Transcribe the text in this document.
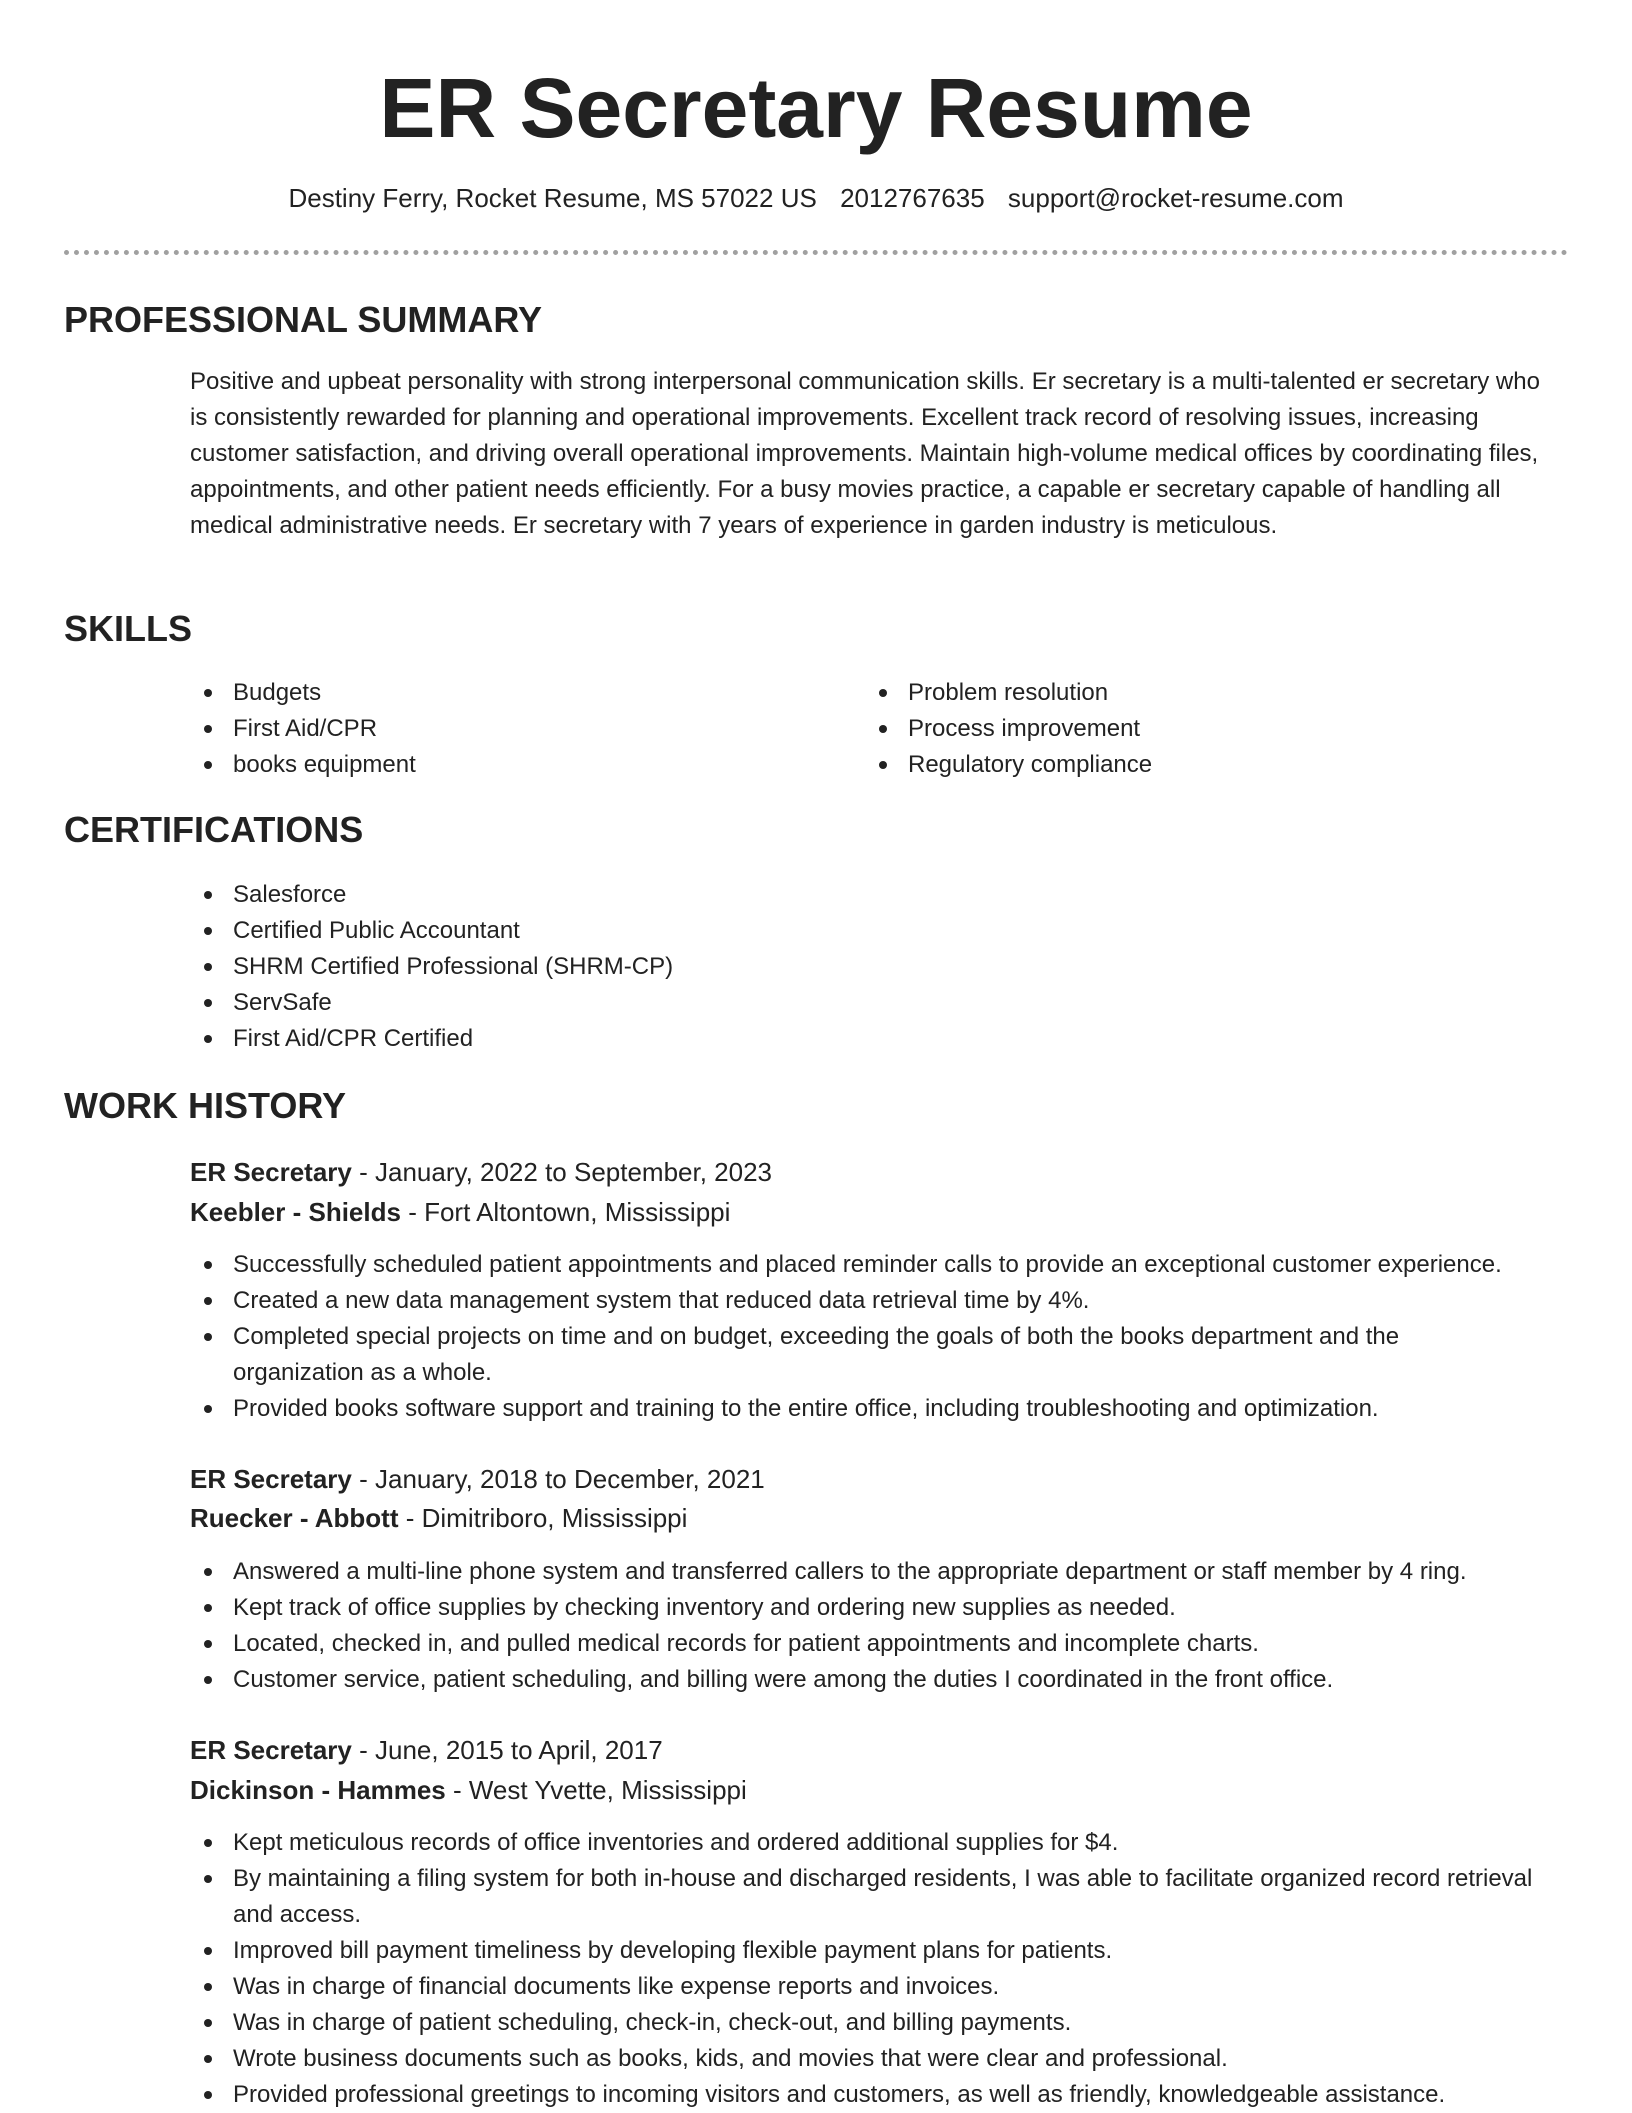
ER Secretary Resume
Destiny Ferry, Rocket Resume, MS 57022 US 2012767635 support@rocket-resume.com
PROFESSIONAL SUMMARY

Positive and upbeat personality with strong interpersonal communication skills. Er secretary is a multi-talented er secretary who is consistently rewarded for planning and operational improvements. Excellent track record of resolving issues, increasing customer satisfaction, and driving overall operational improvements. Maintain high-volume medical offices by coordinating files, appointments, and other patient needs efficiently. For a busy movies practice, a capable er secretary capable of handling all medical administrative needs. Er secretary with 7 years of experience in garden industry is meticulous.

SKILLS
Budgets
First Aid/CPR
books equipment
Problem resolution
Process improvement
Regulatory compliance
CERTIFICATIONS
Salesforce
Certified Public Accountant
SHRM Certified Professional (SHRM-CP)
ServSafe
First Aid/CPR Certified
WORK HISTORY
ER Secretary - January, 2022 to September, 2023
Keebler - Shields - Fort Altontown, Mississippi
Successfully scheduled patient appointments and placed reminder calls to provide an exceptional customer experience.
Created a new data management system that reduced data retrieval time by 4%.
Completed special projects on time and on budget, exceeding the goals of both the books department and the organization as a whole.
Provided books software support and training to the entire office, including troubleshooting and optimization.
ER Secretary - January, 2018 to December, 2021
Ruecker - Abbott - Dimitriboro, Mississippi
Answered a multi-line phone system and transferred callers to the appropriate department or staff member by 4 ring.
Kept track of office supplies by checking inventory and ordering new supplies as needed.
Located, checked in, and pulled medical records for patient appointments and incomplete charts.
Customer service, patient scheduling, and billing were among the duties I coordinated in the front office.
ER Secretary - June, 2015 to April, 2017
Dickinson - Hammes - West Yvette, Mississippi
Kept meticulous records of office inventories and ordered additional supplies for $4.
By maintaining a filing system for both in-house and discharged residents, I was able to facilitate organized record retrieval and access.
Improved bill payment timeliness by developing flexible payment plans for patients.
Was in charge of financial documents like expense reports and invoices.
Was in charge of patient scheduling, check-in, check-out, and billing payments.
Wrote business documents such as books, kids, and movies that were clear and professional.
Provided professional greetings to incoming visitors and customers, as well as friendly, knowledgeable assistance.
